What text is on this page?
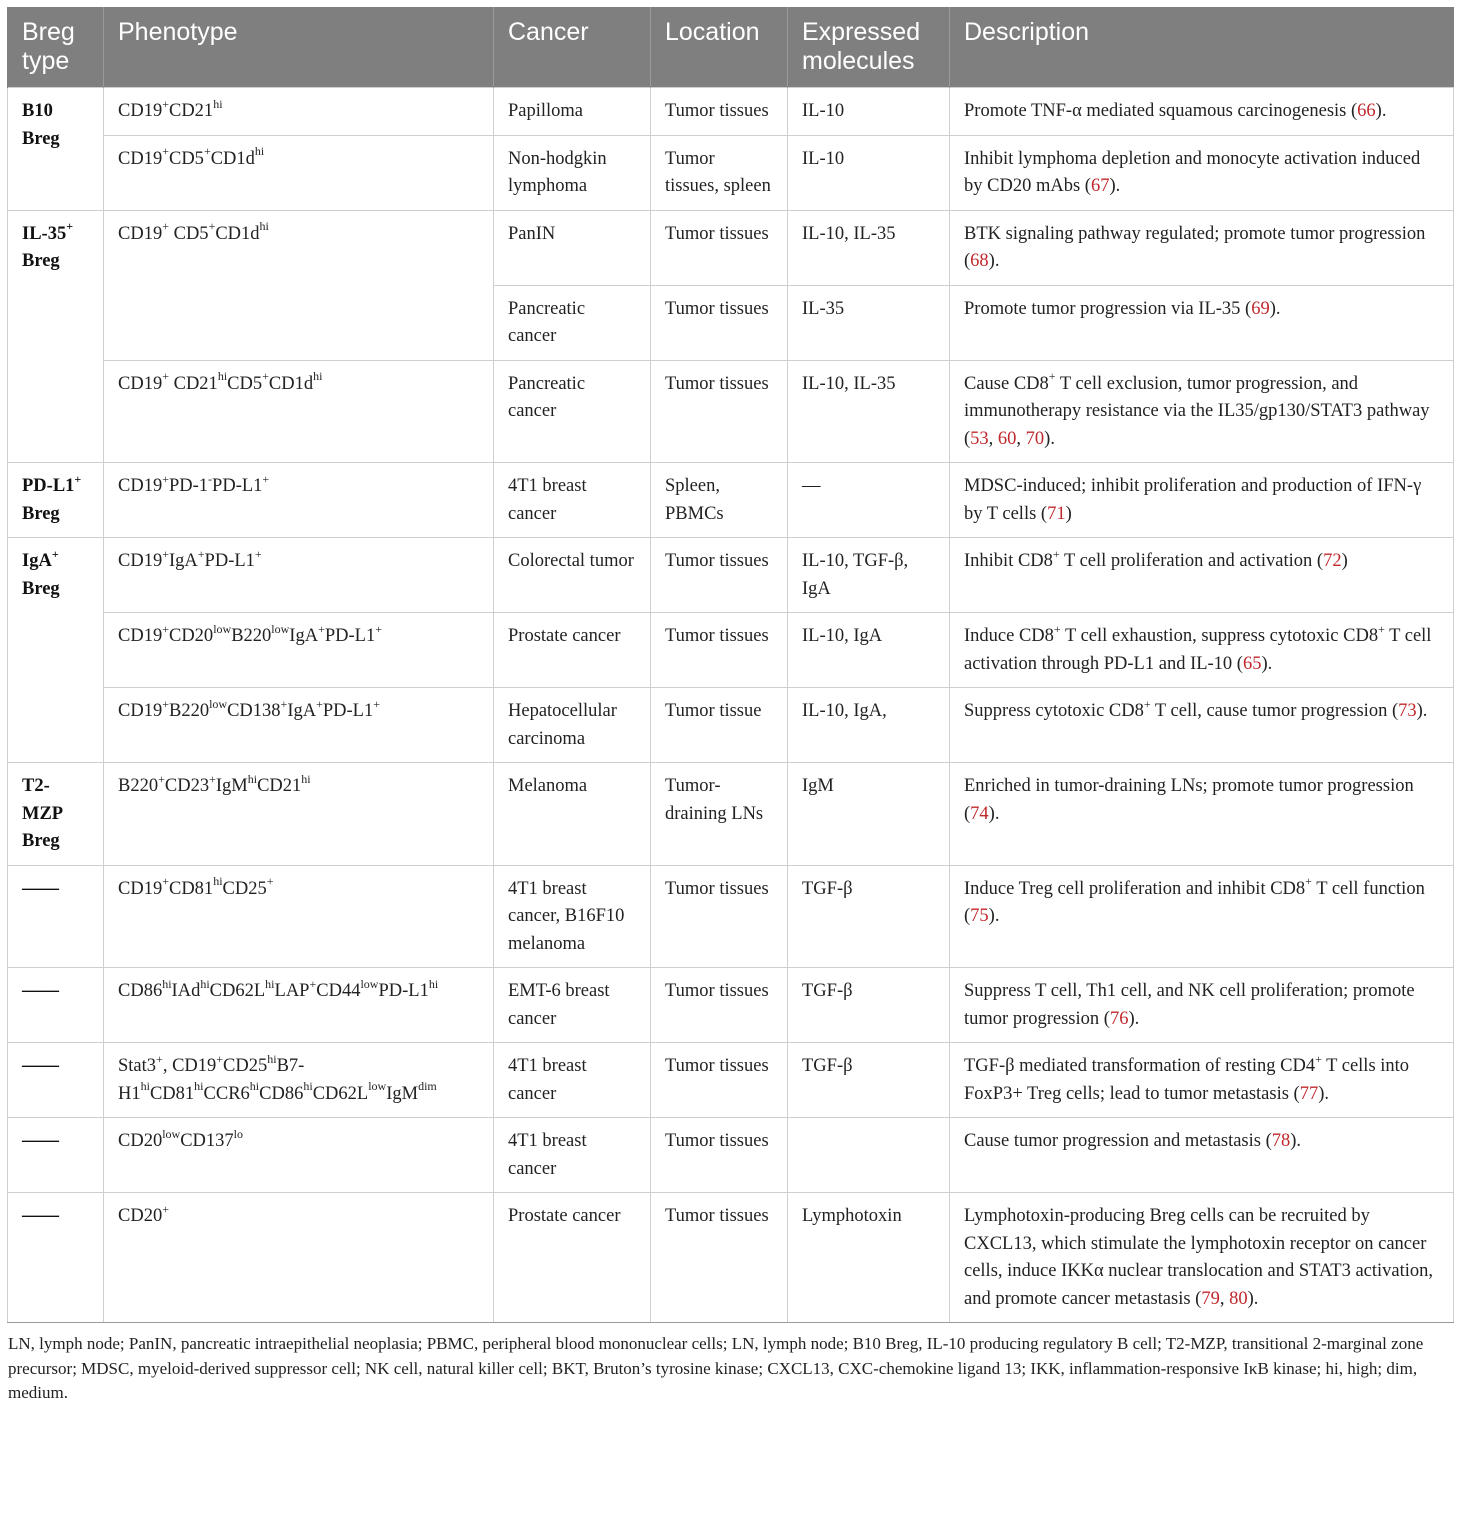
Breg type	Phenotype	Cancer	Location	Expressed molecules	Description
B10 Breg	$CD19^+CD21^{hi}$	Papilloma	Tumor tissues	IL-10	Promote TNF-α mediated squamous carcinogenesis (66).
	$CD19^+CD5^+CD1d^{hi}$	Non-hodgkin lymphoma	Tumor tissues, spleen	IL-10	Inhibit lymphoma depletion and monocyte activation induced by CD20 mAbs (67).
IL-35+ Breg	CD19+ $CD5^+CD1d^{hi}$	PanIN	Tumor tissues	IL-10, IL-35	BTK signaling pathway regulated; promote tumor progression (68).
		Pancreatic cancer	Tumor tissues	IL-35	Promote tumor progression via IL-35 (69).
	CD19+ $CD21^{hi}CD5^+CD1d^{hi}$	Pancreatic cancer	Tumor tissues	IL-10, IL-35	Cause CD8+ T cell exclusion, tumor progression, and immunotherapy resistance via the IL35/gp130/STAT3 pathway (53, 60, 70).
PD-L1+ Breg	CD19+PD-1-PD-L1+	4T1 breast cancer	Spleen, PBMCs	—	MDSC-induced; inhibit proliferation and production of IFN-γ by T cells (71)
IgA+ Breg	CD19+IgA+PD-L1+	Colorectal tumor	Tumor tissues	IL-10, TGF-β, IgA	Inhibit CD8+ T cell proliferation and activation (72)
	$CD19^+CD20^{low}B220^{low}IgA^+PD-L1^+$	Prostate cancer	Tumor tissues	IL-10, IgA	Induce CD8+ T cell exhaustion, suppress cytotoxic CD8+ T cell activation through PD-L1 and IL-10 (65).
	$CD19^+B220^{low}CD138^+IgA^+PD-L1^+$	Hepatocellular carcinoma	Tumor tissue	IL-10, IgA,	Suppress cytotoxic CD8+ T cell, cause tumor progression (73).
T2-MZP Breg	$B220^+CD23^+IgM^{hi}CD21^{hi}$	Melanoma	Tumor-draining LNs	IgM	Enriched in tumor-draining LNs; promote tumor progression (74).
——	$CD19^+CD81^{hi}CD25^+$	4T1 breast cancer, B16F10 melanoma	Tumor tissues	TGF-β	Induce Treg cell proliferation and inhibit CD8+ T cell function (75).
——	$CD86^{hi}IAd^{hi}CD62L^{hi}LAP^+CD44^{low}PD-L1^{hi}$	EMT-6 breast cancer	Tumor tissues	TGF-β	Suppress T cell, Th1 cell, and NK cell proliferation; promote tumor progression (76).
——	Stat3+, $CD19^+CD25^{hi}B7-H1^{hi}CD81^{hi}CCR6^{hi}CD86^{hi}CD62L^{low}IgM^{dim}$	4T1 breast cancer	Tumor tissues	TGF-β	TGF-β mediated transformation of resting CD4+ T cells into FoxP3+ Treg cells; lead to tumor metastasis (77).
——	$CD20^{low}CD137^{lo}$	4T1 breast cancer	Tumor tissues		Cause tumor progression and metastasis (78).
——	CD20+	Prostate cancer	Tumor tissues	Lymphotoxin	Lymphotoxin-producing Breg cells can be recruited by CXCL13, which stimulate the lymphotoxin receptor on cancer cells, induce IKKα nuclear translocation and STAT3 activation, and promote cancer metastasis (79, 80).
LN, lymph node; PanIN, pancreatic intraepithelial neoplasia; PBMC, peripheral blood mononuclear cells; LN, lymph node; B10 Breg, IL-10 producing regulatory B cell; T2-MZP, transitional 2-marginal zone precursor; MDSC, myeloid-derived suppressor cell; NK cell, natural killer cell; BKT, Bruton’s tyrosine kinase; CXCL13, CXC-chemokine ligand 13; IKK, inflammation-responsive IκB kinase; hi, high; dim, medium.
